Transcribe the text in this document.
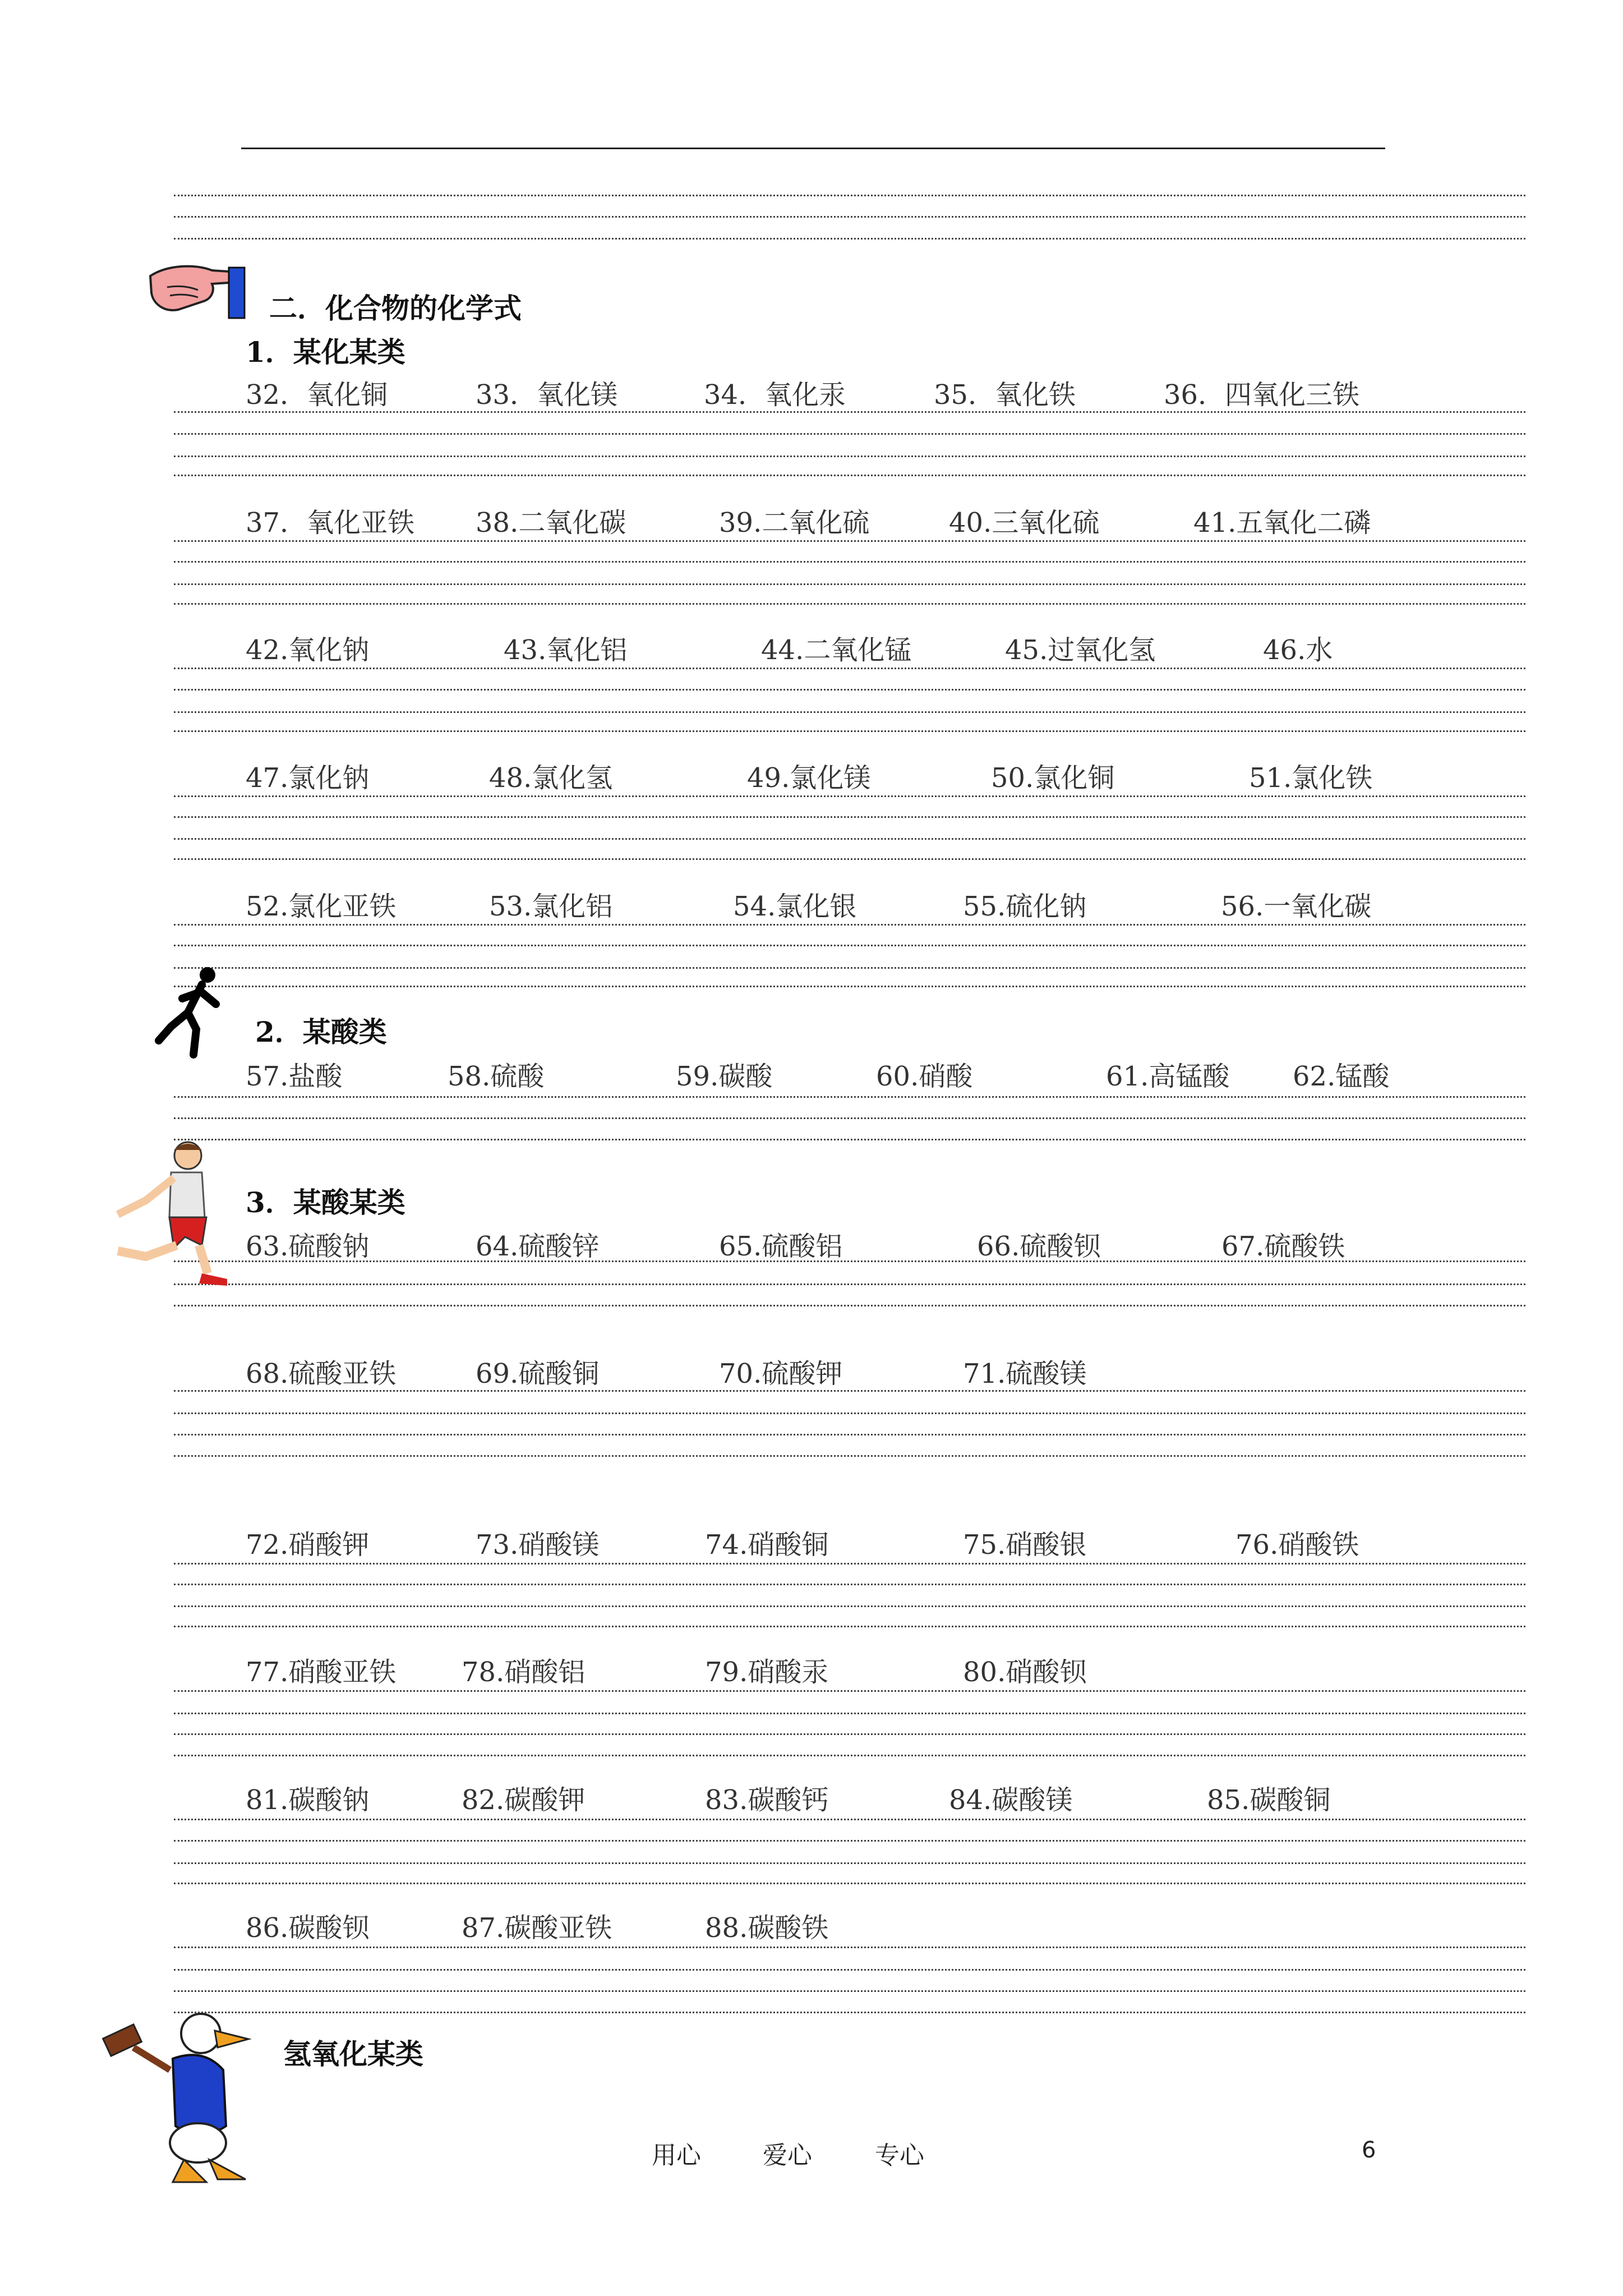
二．化合物的化学式
1．某化某类
2．某酸类
3．某酸某类
氢氧化某类
32．氧化铜	33．氧化镁	34．氧化汞	35．氧化铁	36．四氧化三铁
37．氧化亚铁 38.二氧化碳	39.二氧化硫	40.三氧化硫	41.五氧化二磷
42.氧化钠	43.氧化铝	44.二氧化锰	45.过氧化氢	46.水
47.氯化钠	48.氯化氢	49.氯化镁	50.氯化铜	51.氯化铁
52.氯化亚铁	53.氯化铝	54.氯化银	55.硫化钠	56.一氧化碳
57.盐酸	58.硫酸	59.碳酸	60.硝酸	61.高锰酸 62.锰酸
63.硫酸钠	64.硫酸锌	65.硫酸铝	66.硫酸钡	67.硫酸铁
68.硫酸亚铁	69.硫酸铜	70.硫酸钾	71.硫酸镁
72.硝酸钾	73.硝酸镁	74.硝酸铜	75.硝酸银	76.硝酸铁
77.硝酸亚铁 78.硝酸铝	79.硝酸汞	80.硝酸钡
81.碳酸钠	82.碳酸钾	83.碳酸钙	84.碳酸镁	85.碳酸铜
86.碳酸钡	87.碳酸亚铁	88.碳酸铁
用心	爱心	专心	6
